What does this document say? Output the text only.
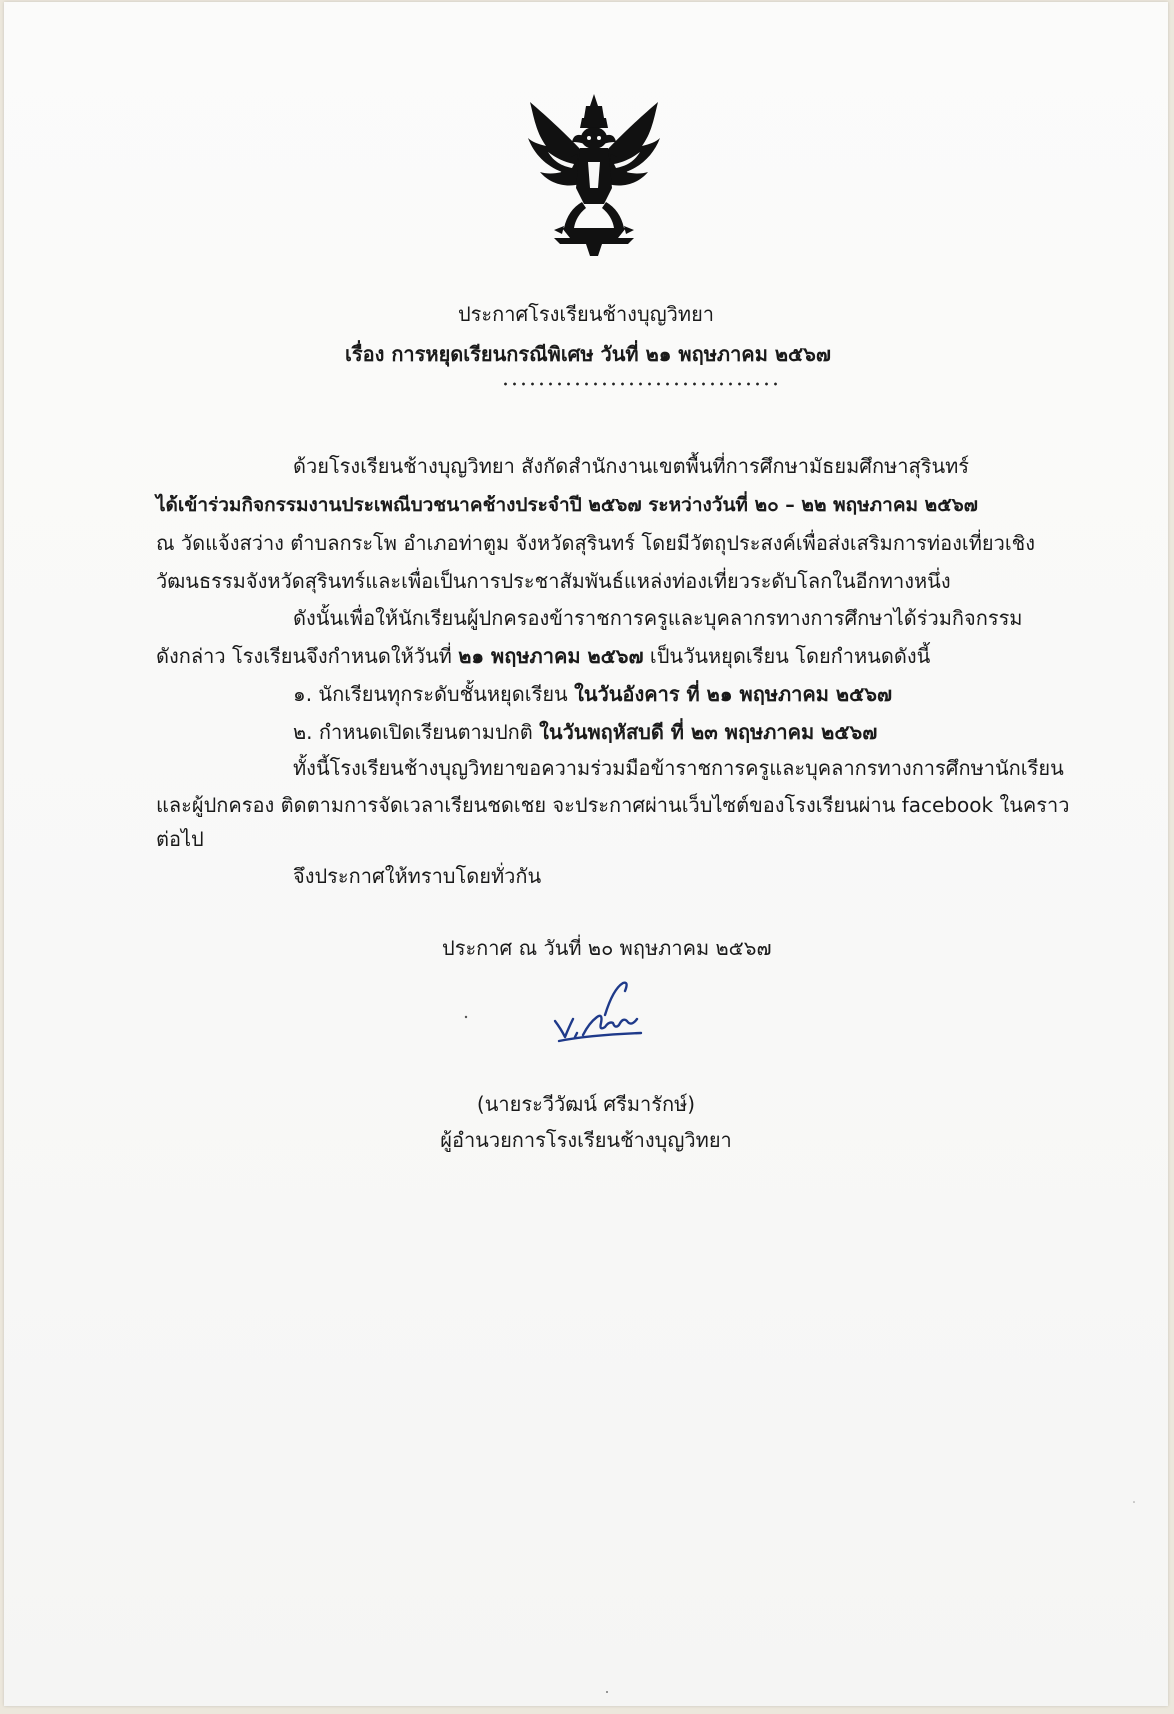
ประกาศโรงเรียนช้างบุญวิทยา

เรื่อง การหยุดเรียนกรณีพิเศษ วันที่ ๒๑ พฤษภาคม ๒๕๖๗

ด้วยโรงเรียนช้างบุญวิทยา สังกัดสำนักงานเขตพื้นที่การศึกษามัธยมศึกษาสุรินทร์

ได้เข้าร่วมกิจกรรมงานประเพณีบวชนาคช้างประจำปี ๒๕๖๗ ระหว่างวันที่ ๒๐ – ๒๒ พฤษภาคม ๒๕๖๗

ณ วัดแจ้งสว่าง ตำบลกระโพ อำเภอท่าตูม จังหวัดสุรินทร์ โดยมีวัตถุประสงค์เพื่อส่งเสริมการท่องเที่ยวเชิง

วัฒนธรรมจังหวัดสุรินทร์และเพื่อเป็นการประชาสัมพันธ์แหล่งท่องเที่ยวระดับโลกในอีกทางหนึ่ง

ดังนั้นเพื่อให้นักเรียนผู้ปกครองข้าราชการครูและบุคลากรทางการศึกษาได้ร่วมกิจกรรม

ดังกล่าว โรงเรียนจึงกำหนดให้วันที่ ๒๑ พฤษภาคม ๒๕๖๗ เป็นวันหยุดเรียน โดยกำหนดดังนี้

๑. นักเรียนทุกระดับชั้นหยุดเรียน ในวันอังคาร ที่ ๒๑ พฤษภาคม ๒๕๖๗

๒. กำหนดเปิดเรียนตามปกติ ในวันพฤหัสบดี ที่ ๒๓ พฤษภาคม ๒๕๖๗

ทั้งนี้โรงเรียนช้างบุญวิทยาขอความร่วมมือข้าราชการครูและบุคลากรทางการศึกษานักเรียน

และผู้ปกครอง ติดตามการจัดเวลาเรียนชดเชย จะประกาศผ่านเว็บไซต์ของโรงเรียนผ่าน facebook ในคราว

ต่อไป

จึงประกาศให้ทราบโดยทั่วกัน

ประกาศ ณ วันที่ ๒๐ พฤษภาคม ๒๕๖๗

(นายระวีวัฒน์ ศรีมารักษ์)

ผู้อำนวยการโรงเรียนช้างบุญวิทยา
